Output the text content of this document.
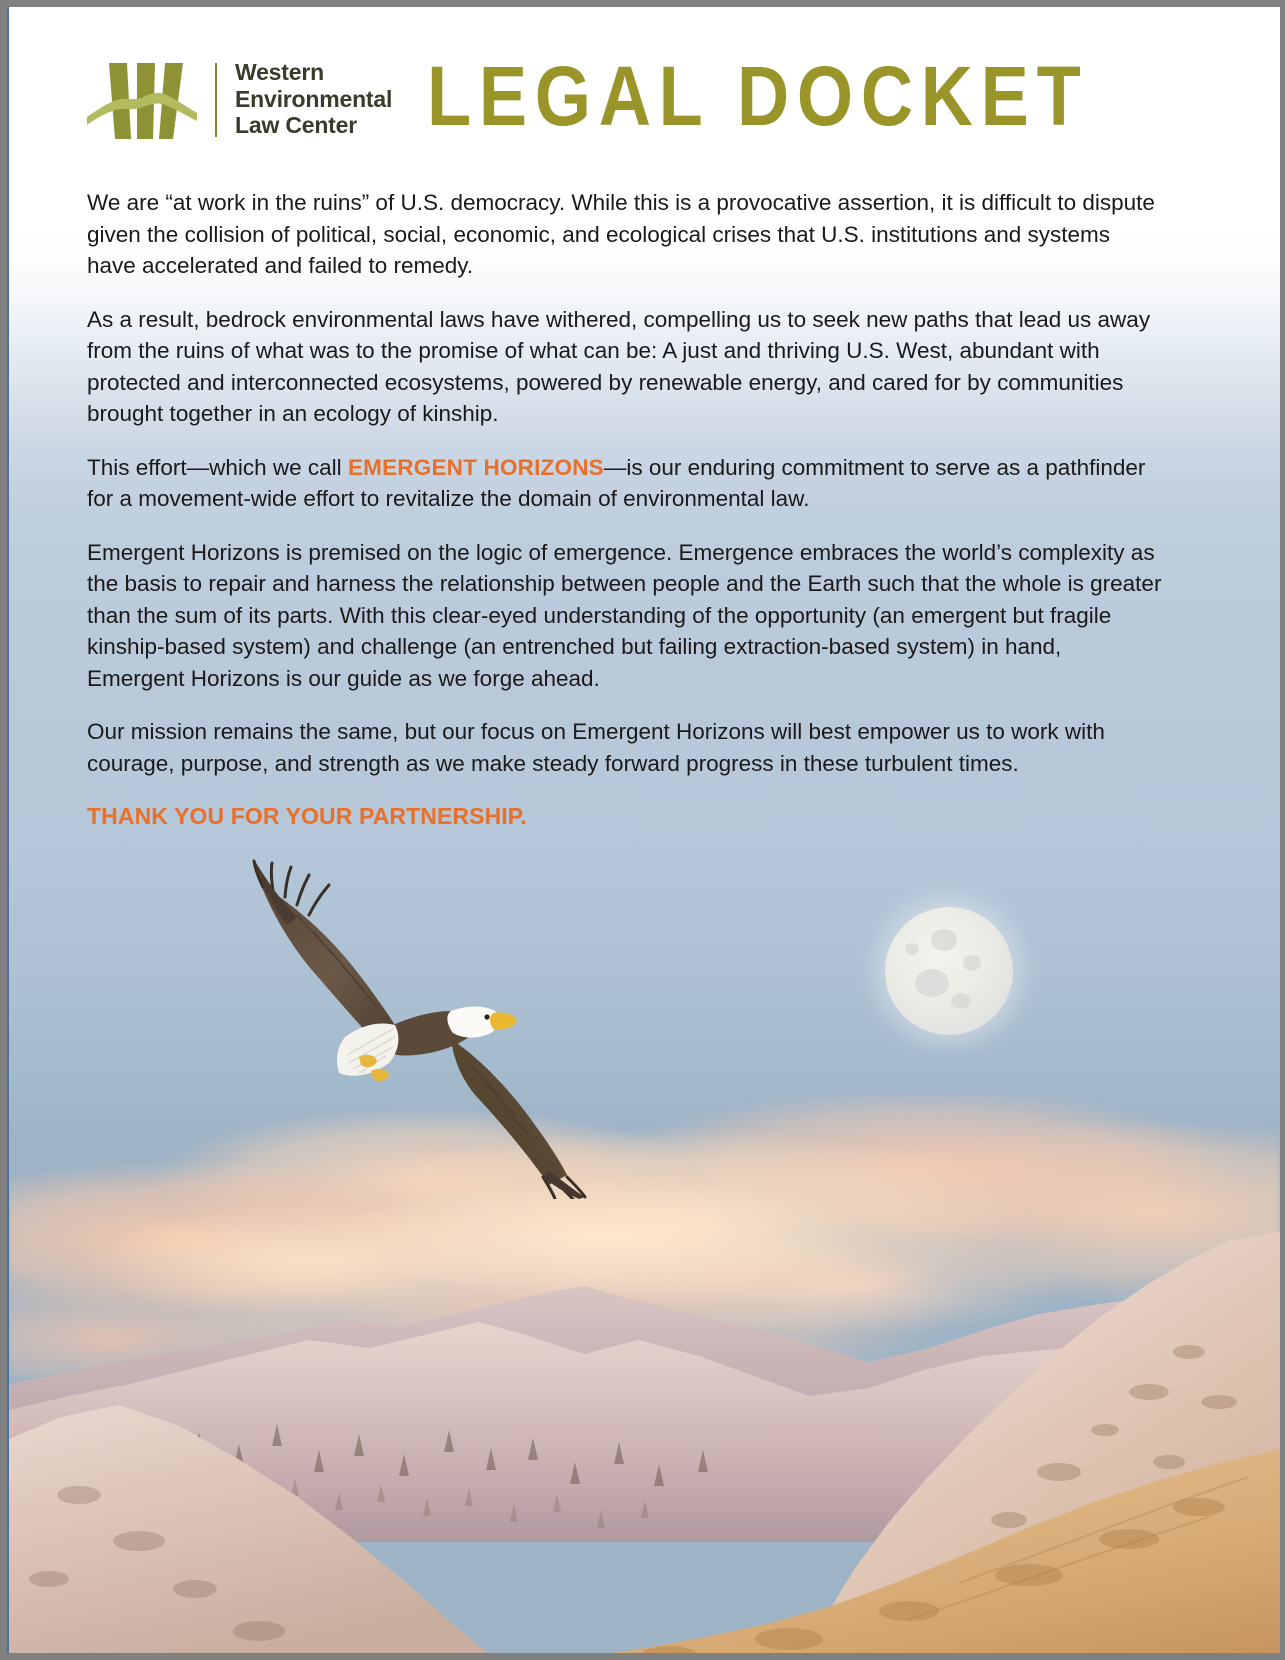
Western
Environmental
Law Center LEGAL DOCKET

We are “at work in the ruins” of U.S. democracy. While this is a provocative assertion, it is difficult to dispute given the collision of political, social, economic, and ecological crises that U.S. institutions and systems have accelerated and failed to remedy.

As a result, bedrock environmental laws have withered, compelling us to seek new paths that lead us away from the ruins of what was to the promise of what can be: A just and thriving U.S. West, abundant with protected and interconnected ecosystems, powered by renewable energy, and cared for by communities brought together in an ecology of kinship.

This effort—which we call EMERGENT HORIZONS—is our enduring commitment to serve as a pathfinder for a movement-wide effort to revitalize the domain of environmental law.

Emergent Horizons is premised on the logic of emergence. Emergence embraces the world’s complexity as the basis to repair and harness the relationship between people and the Earth such that the whole is greater than the sum of its parts. With this clear-eyed understanding of the opportunity (an emergent but fragile kinship-based system) and challenge (an entrenched but failing extraction-based system) in hand, Emergent Horizons is our guide as we forge ahead.

Our mission remains the same, but our focus on Emergent Horizons will best empower us to work with courage, purpose, and strength as we make steady forward progress in these turbulent times.

THANK YOU FOR YOUR PARTNERSHIP.
